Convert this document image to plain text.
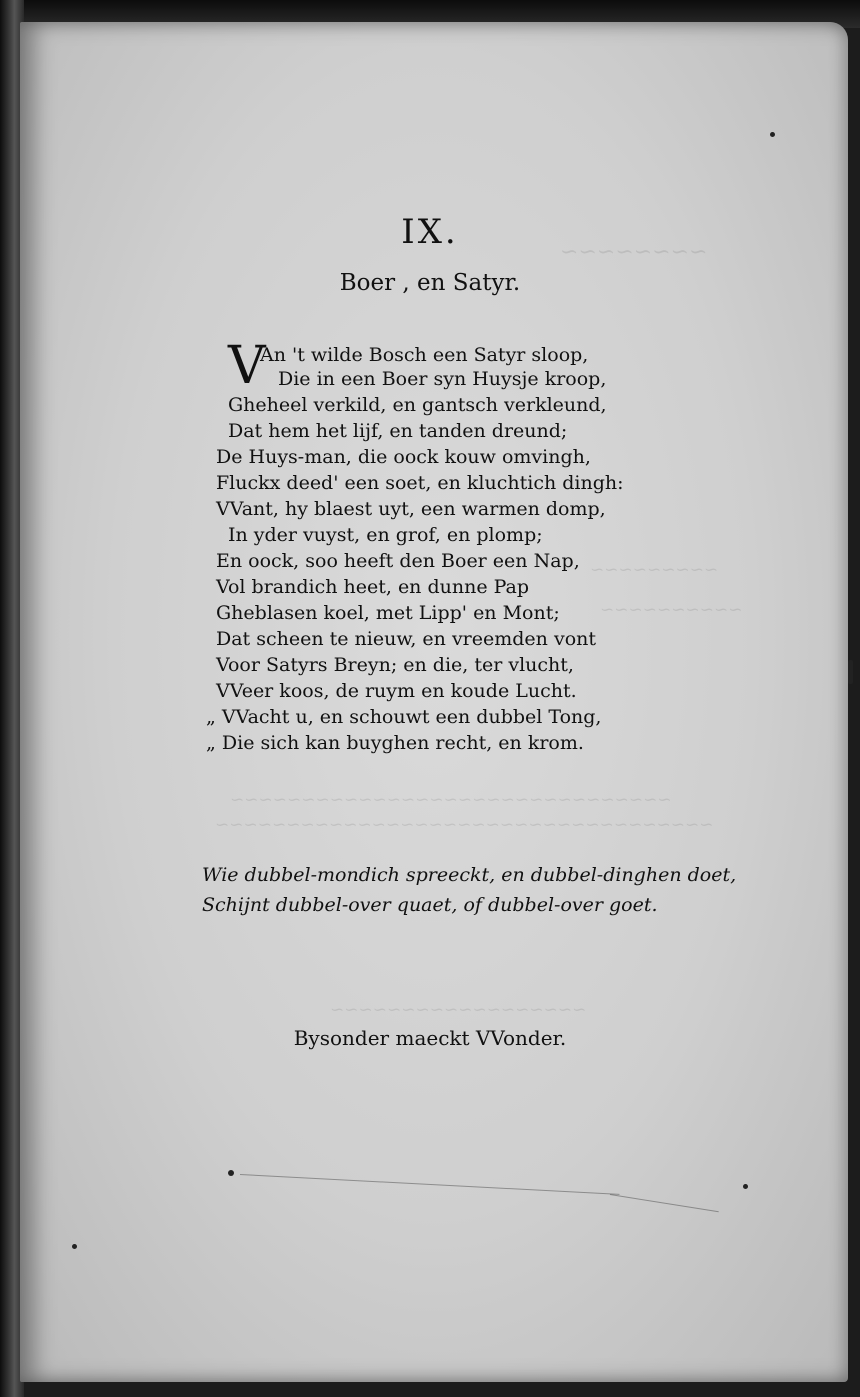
~~~~~~~~
~~~~~~~~~
~~~~~~~~~~
~~~~~~~~~~~~~~~~~~~~~~~~~~~~~~~
~~~~~~~~~~~~~~~~~~~~~~~~~~~~~~~~~~~
~~~~~~~~~~~~~~~~~~
IX.
Boer , en Satyr.
V
An 't wilde Bosch een Satyr sloop,
Die in een Boer syn Huysje kroop,
Gheheel verkild, en gantsch verkleund,
Dat hem het lijf, en tanden dreund;
De Huys-man, die oock kouw omvingh,
Fluckx deed' een soet, en kluchtich dingh:
VVant, hy blaest uyt, een warmen domp,
In yder vuyst, en grof, en plomp;
En oock, soo heeft den Boer een Nap,
Vol brandich heet, en dunne Pap
Gheblasen koel, met Lipp' en Mont;
Dat scheen te nieuw, en vreemden vont
Voor Satyrs Breyn; en die, ter vlucht,
VVeer koos, de ruym en koude Lucht.
„ VVacht u, en schouwt een dubbel Tong,
„ Die sich kan buyghen recht, en krom.
Wie dubbel-mondich spreeckt, en dubbel-dinghen doet,
Schijnt dubbel-over quaet, of dubbel-over goet.
Bysonder maeckt VVonder.
